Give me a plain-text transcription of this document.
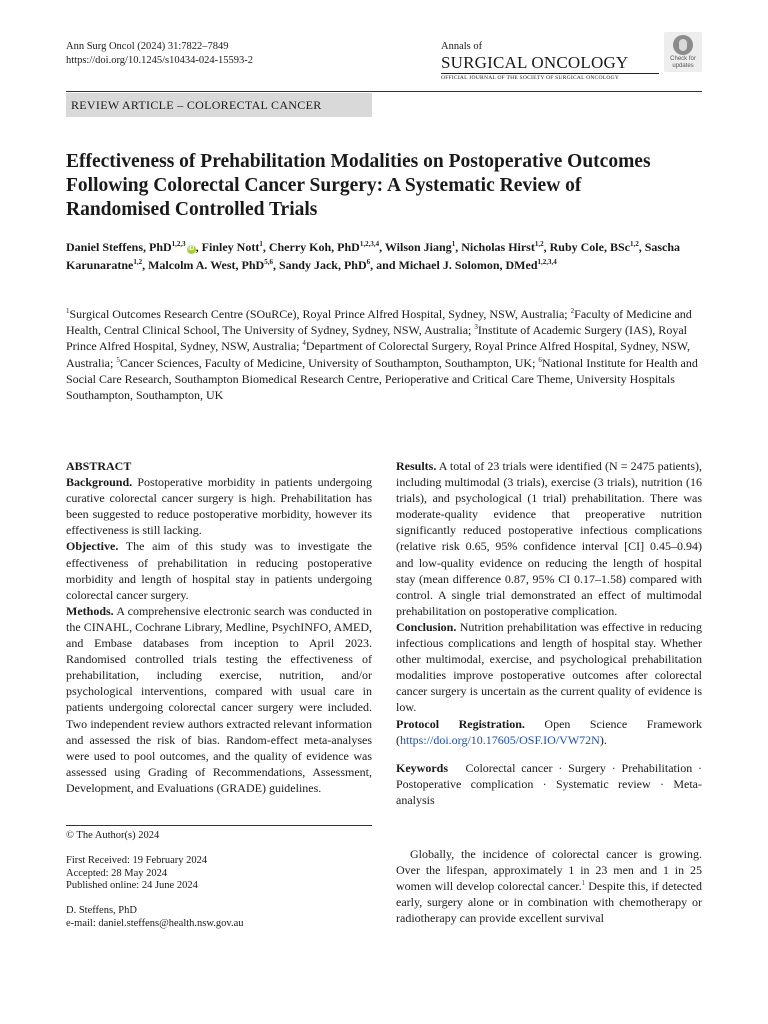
Ann Surg Oncol (2024) 31:7822–7849
https://doi.org/10.1245/s10434-024-15593-2
Annals of
SURGICAL ONCOLOGY
OFFICIAL JOURNAL OF THE SOCIETY OF SURGICAL ONCOLOGY
Check for
updates
REVIEW ARTICLE – COLORECTAL CANCER
Effectiveness of Prehabilitation Modalities on Postoperative Outcomes Following Colorectal Cancer Surgery: A Systematic Review of Randomised Controlled Trials
Daniel Steffens, PhD$^{1,2,3}$iD , Finley Nott$^1$, Cherry Koh, PhD$^{1,2,3,4}$, Wilson Jiang$^1$, Nicholas Hirst$^{1,2}$, Ruby Cole, BSc$^{1,2}$, Sascha Karunaratne$^{1,2}$, Malcolm A. West, PhD$^{5,6}$, Sandy Jack, PhD$^6$, and Michael J. Solomon, DMed$^{1,2,3,4}$
$^1$Surgical Outcomes Research Centre (SOuRCe), Royal Prince Alfred Hospital, Sydney, NSW, Australia; $^2$Faculty of Medicine and Health, Central Clinical School, The University of Sydney, Sydney, NSW, Australia; $^3$Institute of Academic Surgery (IAS), Royal Prince Alfred Hospital, Sydney, NSW, Australia; $^4$Department of Colorectal Surgery, Royal Prince Alfred Hospital, Sydney, NSW, Australia; $^5$Cancer Sciences, Faculty of Medicine, University of Southampton, Southampton, UK; $^6$National Institute for Health and Social Care Research, Southampton Biomedical Research Centre, Perioperative and Critical Care Theme, University Hospitals Southampton, Southampton, UK

ABSTRACT

Background. Postoperative morbidity in patients undergoing curative colorectal cancer surgery is high. Prehabilitation has been suggested to reduce postoperative morbidity, however its effectiveness is still lacking.

Objective. The aim of this study was to investigate the effectiveness of prehabilitation in reducing postoperative morbidity and length of hospital stay in patients undergoing colorectal cancer surgery.

Methods. A comprehensive electronic search was conducted in the CINAHL, Cochrane Library, Medline, PsychINFO, AMED, and Embase databases from inception to April 2023. Randomised controlled trials testing the effectiveness of prehabilitation, including exercise, nutrition, and/or psychological interventions, compared with usual care in patients undergoing colorectal cancer surgery were included. Two independent review authors extracted relevant information and assessed the risk of bias. Random-effect meta-analyses were used to pool outcomes, and the quality of evidence was assessed using Grading of Recommendations, Assessment, Development, and Evaluations (GRADE) guidelines.

Results. A total of 23 trials were identified (N = 2475 patients), including multimodal (3 trials), exercise (3 trials), nutrition (16 trials), and psychological (1 trial) prehabilitation. There was moderate-quality evidence that preoperative nutrition significantly reduced postoperative infectious complications (relative risk 0.65, 95% confidence interval [CI] 0.45–0.94) and low-quality evidence on reducing the length of hospital stay (mean difference 0.87, 95% CI 0.17–1.58) compared with control. A single trial demonstrated an effect of multimodal prehabilitation on postoperative complication.

Conclusion. Nutrition prehabilitation was effective in reducing infectious complications and length of hospital stay. Whether other multimodal, exercise, and psychological prehabilitation modalities improve postoperative outcomes after colorectal cancer surgery is uncertain as the current quality of evidence is low.

Protocol Registration. Open Science Framework (https://doi.org/10.17605/OSF.IO/VW72N).

Keywords Colorectal cancer · Surgery · Prehabilitation · Postoperative complication · Systematic review · Meta-analysis

© The Author(s) 2024

First Received: 19 February 2024

Accepted: 28 May 2024

Published online: 24 June 2024

D. Steffens, PhD

e-mail: daniel.steffens@health.nsw.gov.au

Globally, the incidence of colorectal cancer is growing. Over the lifespan, approximately 1 in 23 men and 1 in 25 women will develop colorectal cancer.$^1$ Despite this, if detected early, surgery alone or in combination with chemotherapy or radiotherapy can provide excellent survival
